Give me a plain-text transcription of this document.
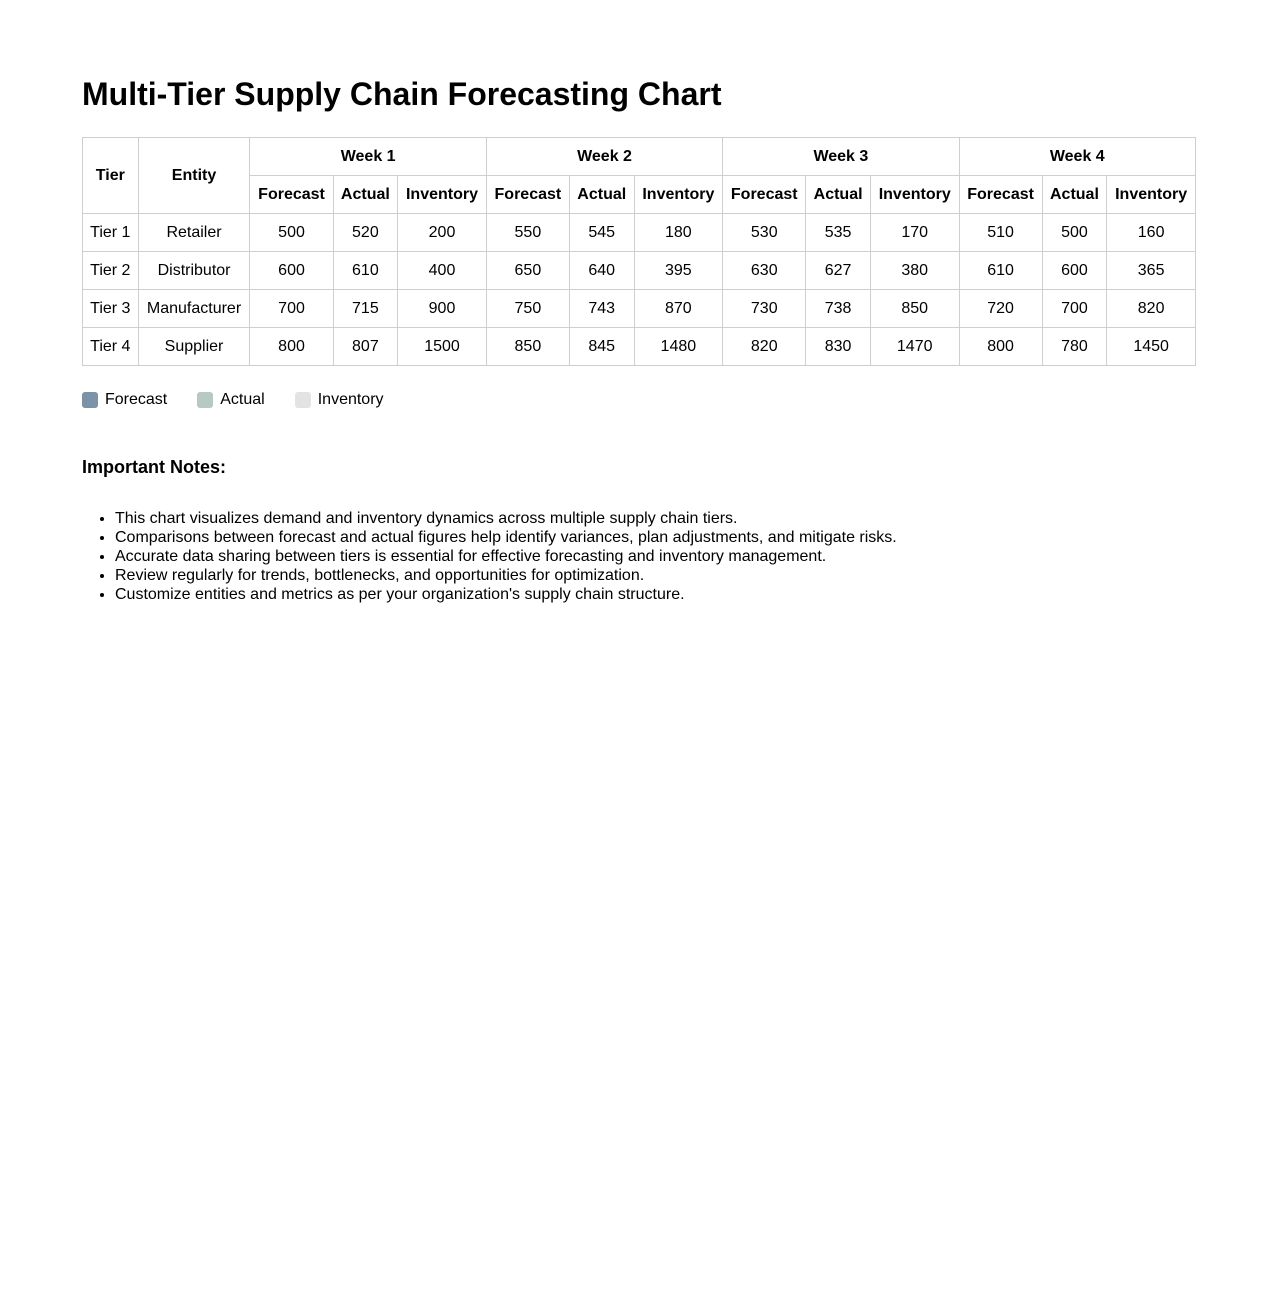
Multi-Tier Supply Chain Forecasting Chart
Tier	Entity	Week 1			Week 2			Week 3			Week 4		
		Forecast	Actual	Inventory	Forecast	Actual	Inventory	Forecast	Actual	Inventory	Forecast	Actual	Inventory
Tier 1	Retailer	500	520	200	550	545	180	530	535	170	510	500	160
Tier 2	Distributor	600	610	400	650	640	395	630	627	380	610	600	365
Tier 3	Manufacturer	700	715	900	750	743	870	730	738	850	720	700	820
Tier 4	Supplier	800	807	1500	850	845	1480	820	830	1470	800	780	1450
Forecast	Actual	Inventory
Important Notes:
• This chart visualizes demand and inventory dynamics across multiple supply chain tiers.
• Comparisons between forecast and actual figures help identify variances, plan adjustments, and mitigate risks.
• Accurate data sharing between tiers is essential for effective forecasting and inventory management.
• Review regularly for trends, bottlenecks, and opportunities for optimization.
• Customize entities and metrics as per your organization's supply chain structure.
